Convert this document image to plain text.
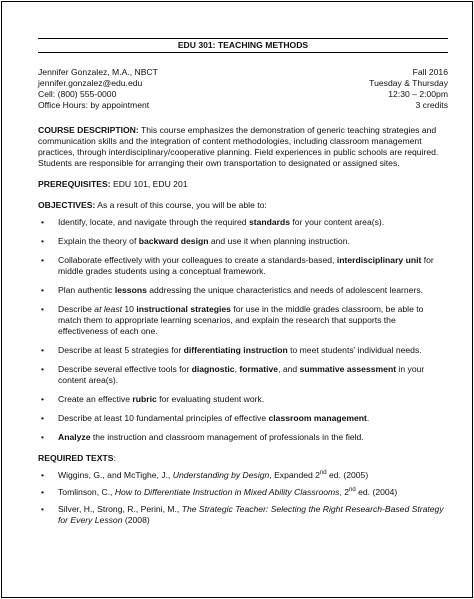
EDU 301: TEACHING METHODS
Jennifer Gonzalez, M.A., NBCT
jennifer.gonzalez@edu.edu
Cell: (800) 555-0000
Office Hours: by appointment
Fall 2016
Tuesday & Thursday
12:30 – 2:00pm
3 credits

COURSE DESCRIPTION: This course emphasizes the demonstration of generic teaching strategies and communication skills and the integration of content methodologies, including classroom management practices, through interdisciplinary/cooperative planning. Field experiences in public schools are required. Students are responsible for arranging their own transportation to designated or assigned sites.

PREREQUISITES: EDU 101, EDU 201

OBJECTIVES: As a result of this course, you will be able to:

• Identify, locate, and navigate through the required standards for your content area(s).
• Explain the theory of backward design and use it when planning instruction.
• Collaborate effectively with your colleagues to create a standards-based, interdisciplinary unit for middle grades students using a conceptual framework.
• Plan authentic lessons addressing the unique characteristics and needs of adolescent learners.
• Describe at least 10 instructional strategies for use in the middle grades classroom, be able to match them to appropriate learning scenarios, and explain the research that supports the effectiveness of each one.
• Describe at least 5 strategies for differentiating instruction to meet students’ individual needs.
• Describe several effective tools for diagnostic, formative, and summative assessment in your content area(s).
• Create an effective rubric for evaluating student work.
• Describe at least 10 fundamental principles of effective classroom management.
• Analyze the instruction and classroom management of professionals in the field.

REQUIRED TEXTS:

• Wiggins, G., and McTighe, J., Understanding by Design, Expanded 2nd ed. (2005)
• Tomlinson, C., How to Differentiate Instruction in Mixed Ability Classrooms, 2nd ed. (2004)
• Silver, H., Strong, R., Perini, M., The Strategic Teacher: Selecting the Right Research-Based Strategy for Every Lesson (2008)
